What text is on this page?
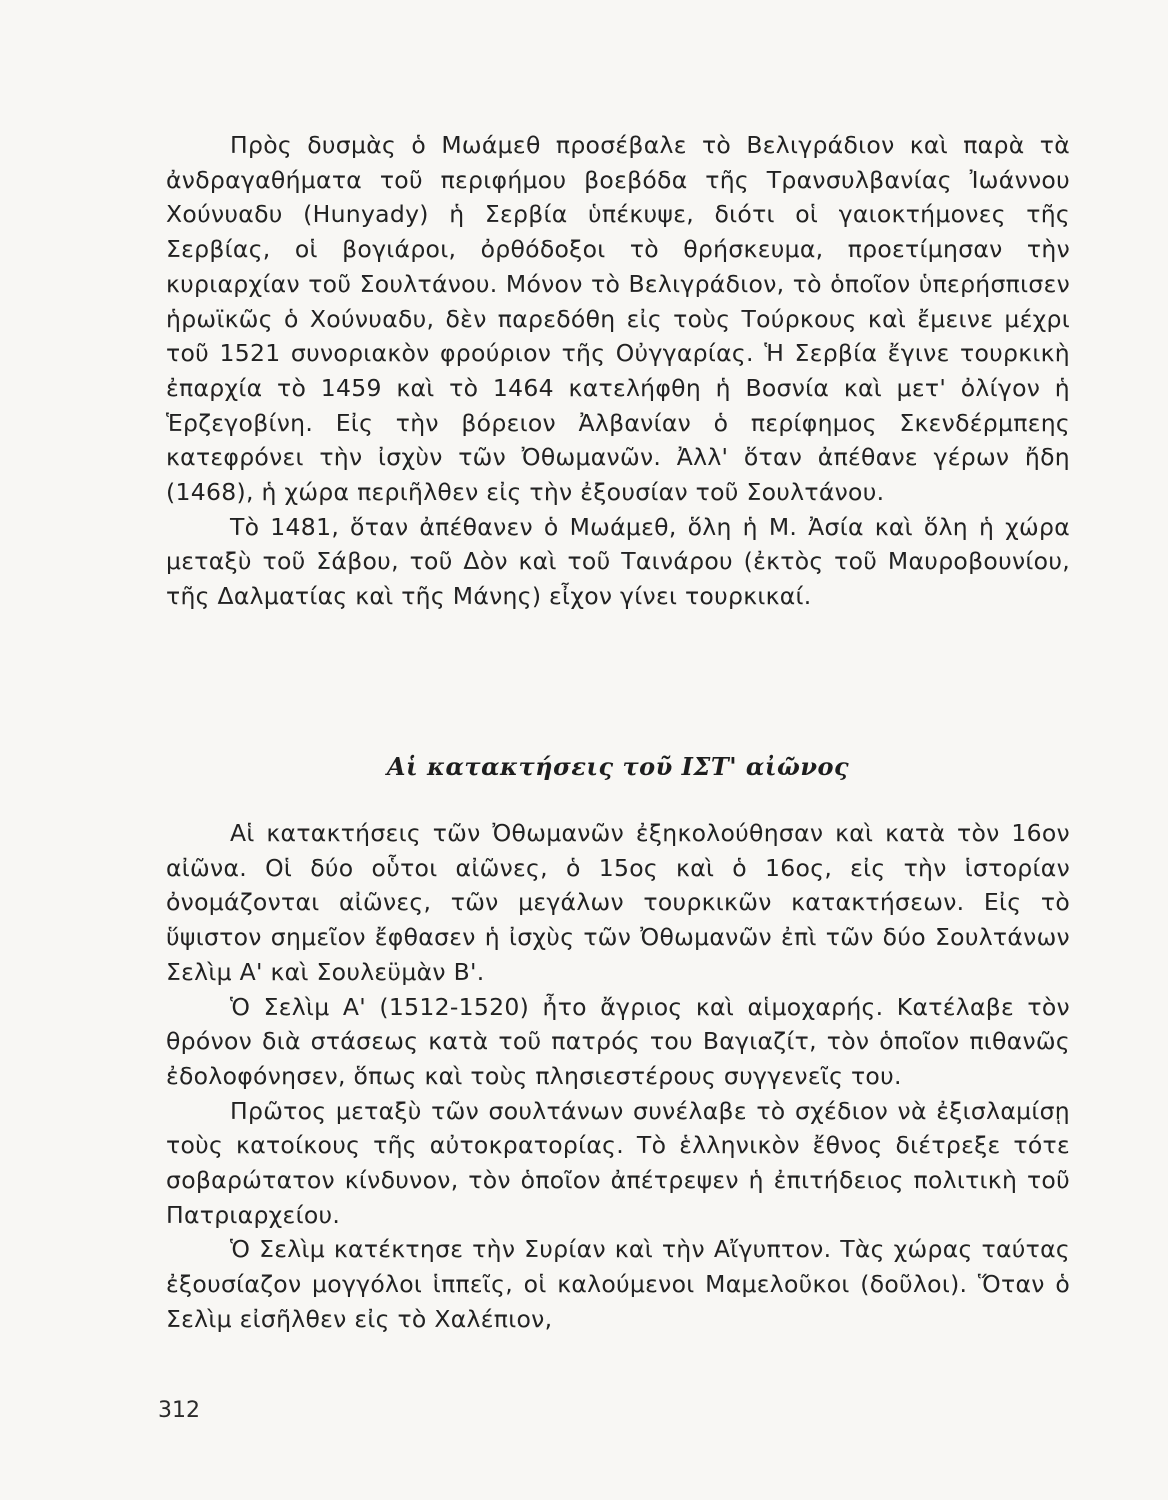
Πρὸς δυσμὰς ὁ Μωάμεθ προσέβαλε τὸ Βελιγράδιον καὶ παρὰ τὰ ἀνδραγαθήματα τοῦ περιφήμου βοεβόδα τῆς Τρανσυλβανίας Ἰωάννου Χούνυαδυ (Hunyady) ἡ Σερβία ὑπέκυψε, διότι οἱ γαιοκτήμονες τῆς Σερβίας, οἱ βογιάροι, ὀρθόδοξοι τὸ θρήσκευμα, προετίμησαν τὴν κυριαρχίαν τοῦ Σουλτάνου. Μόνον τὸ Βελιγράδιον, τὸ ὁποῖον ὑπερήσπισεν ἡρωϊκῶς ὁ Χούνυαδυ, δὲν παρεδόθη εἰς τοὺς Τούρκους καὶ ἔμεινε μέχρι τοῦ 1521 συνοριακὸν φρούριον τῆς Οὐγγαρίας. Ἡ Σερβία ἔγινε τουρκικὴ ἐπαρχία τὸ 1459 καὶ τὸ 1464 κατελήφθη ἡ Βοσνία καὶ μετ' ὀλίγον ἡ Ἑρζεγοβίνη. Εἰς τὴν βόρειον Ἀλβανίαν ὁ περίφημος Σκενδέρμπεης κατεφρόνει τὴν ἰσχὺν τῶν Ὀθωμανῶν. Ἀλλ' ὅταν ἀπέθανε γέρων ἤδη (1468), ἡ χώρα περιῆλθεν εἰς τὴν ἐξουσίαν τοῦ Σουλτάνου.

Τὸ 1481, ὅταν ἀπέθανεν ὁ Μωάμεθ, ὅλη ἡ Μ. Ἀσία καὶ ὅλη ἡ χώρα μεταξὺ τοῦ Σάβου, τοῦ Δὸν καὶ τοῦ Ταινάρου (ἐκτὸς τοῦ Μαυροβουνίου, τῆς Δαλματίας καὶ τῆς Μάνης) εἶχον γίνει τουρκικαί.

Αἱ κατακτήσεις τοῦ ΙΣΤ' αἰῶνος

Αἱ κατακτήσεις τῶν Ὀθωμανῶν ἐξηκολούθησαν καὶ κατὰ τὸν 16ον αἰῶνα. Οἱ δύο οὗτοι αἰῶνες, ὁ 15ος καὶ ὁ 16ος, εἰς τὴν ἱστορίαν ὀνομάζονται αἰῶνες, τῶν μεγάλων τουρκικῶν κατακτήσεων. Εἰς τὸ ὕψιστον σημεῖον ἔφθασεν ἡ ἰσχὺς τῶν Ὀθωμανῶν ἐπὶ τῶν δύο Σουλτάνων Σελὶμ Α' καὶ Σουλεϋμὰν Β'.

Ὁ Σελὶμ Α' (1512-1520) ἦτο ἄγριος καὶ αἱμοχαρής. Κατέλαβε τὸν θρόνον διὰ στάσεως κατὰ τοῦ πατρός του Βαγιαζίτ, τὸν ὁποῖον πιθανῶς ἐδολοφόνησεν, ὅπως καὶ τοὺς πλησιεστέρους συγγενεῖς του.

Πρῶτος μεταξὺ τῶν σουλτάνων συνέλαβε τὸ σχέδιον νὰ ἐξισλαμίσῃ τοὺς κατοίκους τῆς αὐτοκρατορίας. Τὸ ἑλληνικὸν ἔθνος διέτρεξε τότε σοβαρώτατον κίνδυνον, τὸν ὁποῖον ἀπέτρεψεν ἡ ἐπιτήδειος πολιτικὴ τοῦ Πατριαρχείου.

Ὁ Σελὶμ κατέκτησε τὴν Συρίαν καὶ τὴν Αἴγυπτον. Τὰς χώρας ταύτας ἐξουσίαζον μογγόλοι ἱππεῖς, οἱ καλούμενοι Μαμελοῦκοι (δοῦλοι). Ὅταν ὁ Σελὶμ εἰσῆλθεν εἰς τὸ Χαλέπιον,

312
